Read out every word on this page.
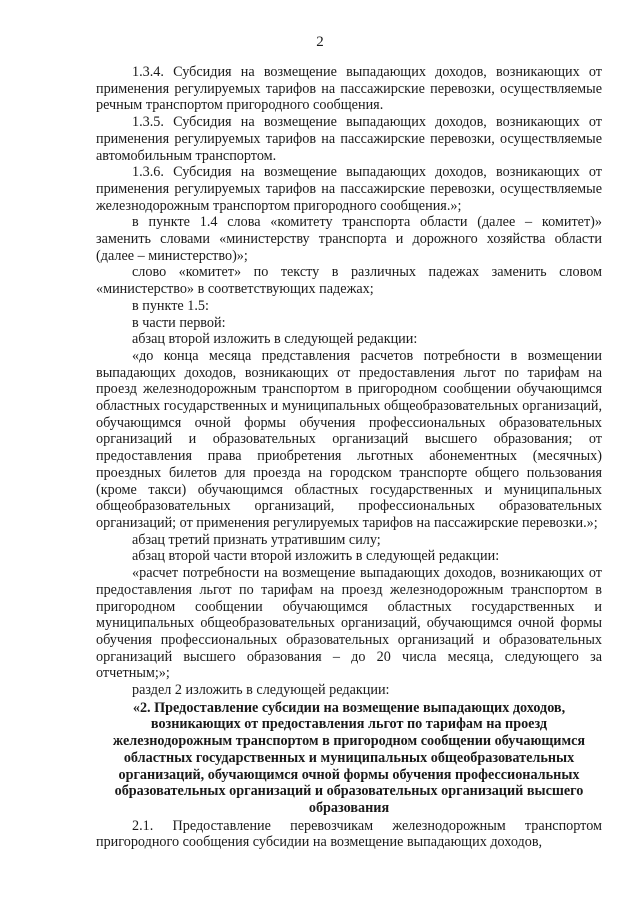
2

1.3.4. Субсидия на возмещение выпадающих доходов, возникающих от применения регулируемых тарифов на пассажирские перевозки, осуществляемые речным транспортом пригородного сообщения.

1.3.5. Субсидия на возмещение выпадающих доходов, возникающих от применения регулируемых тарифов на пассажирские перевозки, осуществляемые автомобильным транспортом.

1.3.6. Субсидия на возмещение выпадающих доходов, возникающих от применения регулируемых тарифов на пассажирские перевозки, осуществляемые железнодорожным транспортом пригородного сообщения.»;

в пункте 1.4 слова «комитету транспорта области (далее – комитет)» заменить словами «министерству транспорта и дорожного хозяйства области (далее – министерство)»;

слово «комитет» по тексту в различных падежах заменить словом «министерство» в соответствующих падежах;

в пункте 1.5:

в части первой:

абзац второй изложить в следующей редакции:

«до конца месяца представления расчетов потребности в возмещении выпадающих доходов, возникающих от предоставления льгот по тарифам на проезд железнодорожным транспортом в пригородном сообщении обучающимся областных государственных и муниципальных общеобразовательных организаций, обучающимся очной формы обучения профессиональных образовательных организаций и образовательных организаций высшего образования; от предоставления права приобретения льготных абонементных (месячных) проездных билетов для проезда на городском транспорте общего пользования (кроме такси) обучающимся областных государственных и муниципальных общеобразовательных организаций, профессиональных образовательных организаций; от применения регулируемых тарифов на пассажирские перевозки.»;

абзац третий признать утратившим силу;

абзац второй части второй изложить в следующей редакции:

«расчет потребности на возмещение выпадающих доходов, возникающих от предоставления льгот по тарифам на проезд железнодорожным транспортом в пригородном сообщении обучающимся областных государственных и муниципальных общеобразовательных организаций, обучающимся очной формы обучения профессиональных образовательных организаций и образовательных организаций высшего образования – до 20 числа месяца, следующего за отчетным;»;

раздел 2 изложить в следующей редакции:

«2. Предоставление субсидии на возмещение выпадающих доходов,
возникающих от предоставления льгот по тарифам на проезд
железнодорожным транспортом в пригородном сообщении обучающимся
областных государственных и муниципальных общеобразовательных
организаций, обучающимся очной формы обучения профессиональных
образовательных организаций и образовательных организаций высшего
образования

2.1. Предоставление перевозчикам железнодорожным транспортом пригородного сообщения субсидии на возмещение выпадающих доходов,
